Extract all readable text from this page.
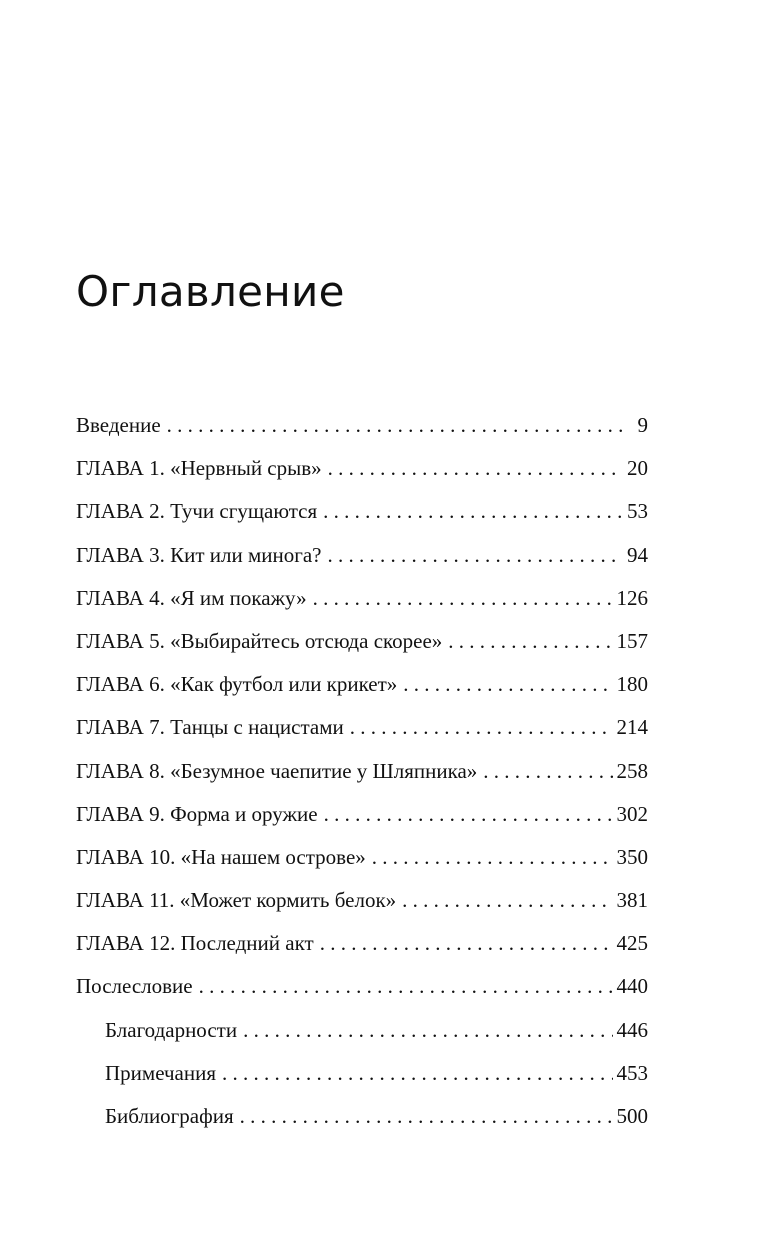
Оглавление
Введение . . .	9
ГЛАВА 1. «Нервный срыв» . . .	20
ГЛАВА 2. Тучи сгущаются . . .	53
ГЛАВА 3. Кит или минога? . . .	94
ГЛАВА 4. «Я им покажу» . . .	126
ГЛАВА 5. «Выбирайтесь отсюда скорее» . . .	157
ГЛАВА 6. «Как футбол или крикет» . . .	180
ГЛАВА 7. Танцы с нацистами . . .	214
ГЛАВА 8. «Безумное чаепитие у Шляпника» . . .	258
ГЛАВА 9. Форма и оружие . . .	302
ГЛАВА 10. «На нашем острове» . . .	350
ГЛАВА 11. «Может кормить белок» . . .	381
ГЛАВА 12. Последний акт . . .	425
Послесловие . . .	440
Благодарности . . .	446
Примечания . . .	453
Библиография . . .	500
